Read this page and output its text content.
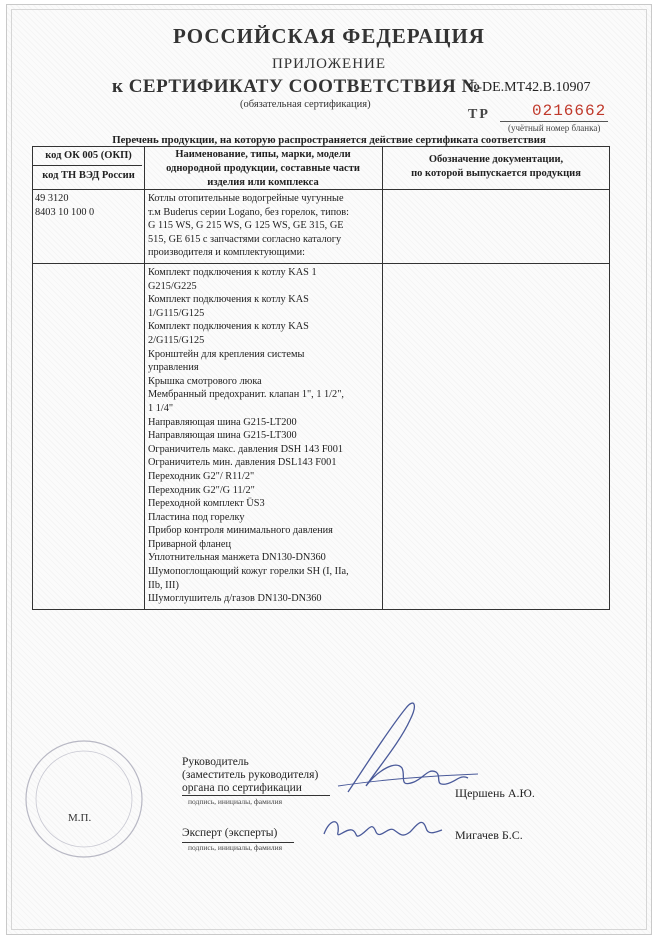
РОССИЙСКАЯ ФЕДЕРАЦИЯ
ПРИЛОЖЕНИЕ
к СЕРТИФИКАТУ СООТВЕТСТВИЯ №
С-DE.МТ42.В.10907
(обязательная сертификация)
ТР	0216662
(учётный номер бланка)
Перечень продукции, на которую распространяется действие сертификата соответствия
код ОК 005 (ОКП)
код ТН ВЭД России
Наименование, типы, марки, модели
однородной продукции, составные части
изделия или комплекса
Обозначение документации,
по которой выпускается продукция
49 3120
8403 10 100 0
Котлы отопительные водогрейные чугунные
т.м Buderus серии Logano, без горелок, типов:
G 115 WS, G 215 WS, G 125 WS, GE 315, GE
515, GE 615 с запчастями согласно каталогу
производителя и комплектующими:
Комплект подключения к котлу KAS 1
G215/G225
Комплект подключения к котлу KAS
1/G115/G125
Комплект подключения к котлу KAS
2/G115/G125
Кронштейн для крепления системы
управления
Крышка смотрового люка
Мембранный предохранит. клапан 1", 1 1/2",
1 1/4"
Направляющая шина G215-LT200
Направляющая шина G215-LT300
Ограничитель макс. давления DSH 143 F001
Ограничитель мин. давления DSL143 F001
Переходник G2"/ R11/2"
Переходник G2"/G 11/2"
Переходной комплект ÜS3
Пластина под горелку
Прибор контроля минимального давления
Приварной фланец
Уплотнительная манжета DN130-DN360
Шумопоглощающий кожуг горелки SH (I, IIa,
IIb, III)
Шумоглушитель д/газов DN130-DN360
М.П.
Руководитель
(заместитель руководителя)
органа по сертификации
подпись, инициалы, фамилия
Щершень А.Ю.
Эксперт (эксперты)
подпись, инициалы, фамилия
Мигачев Б.С.
